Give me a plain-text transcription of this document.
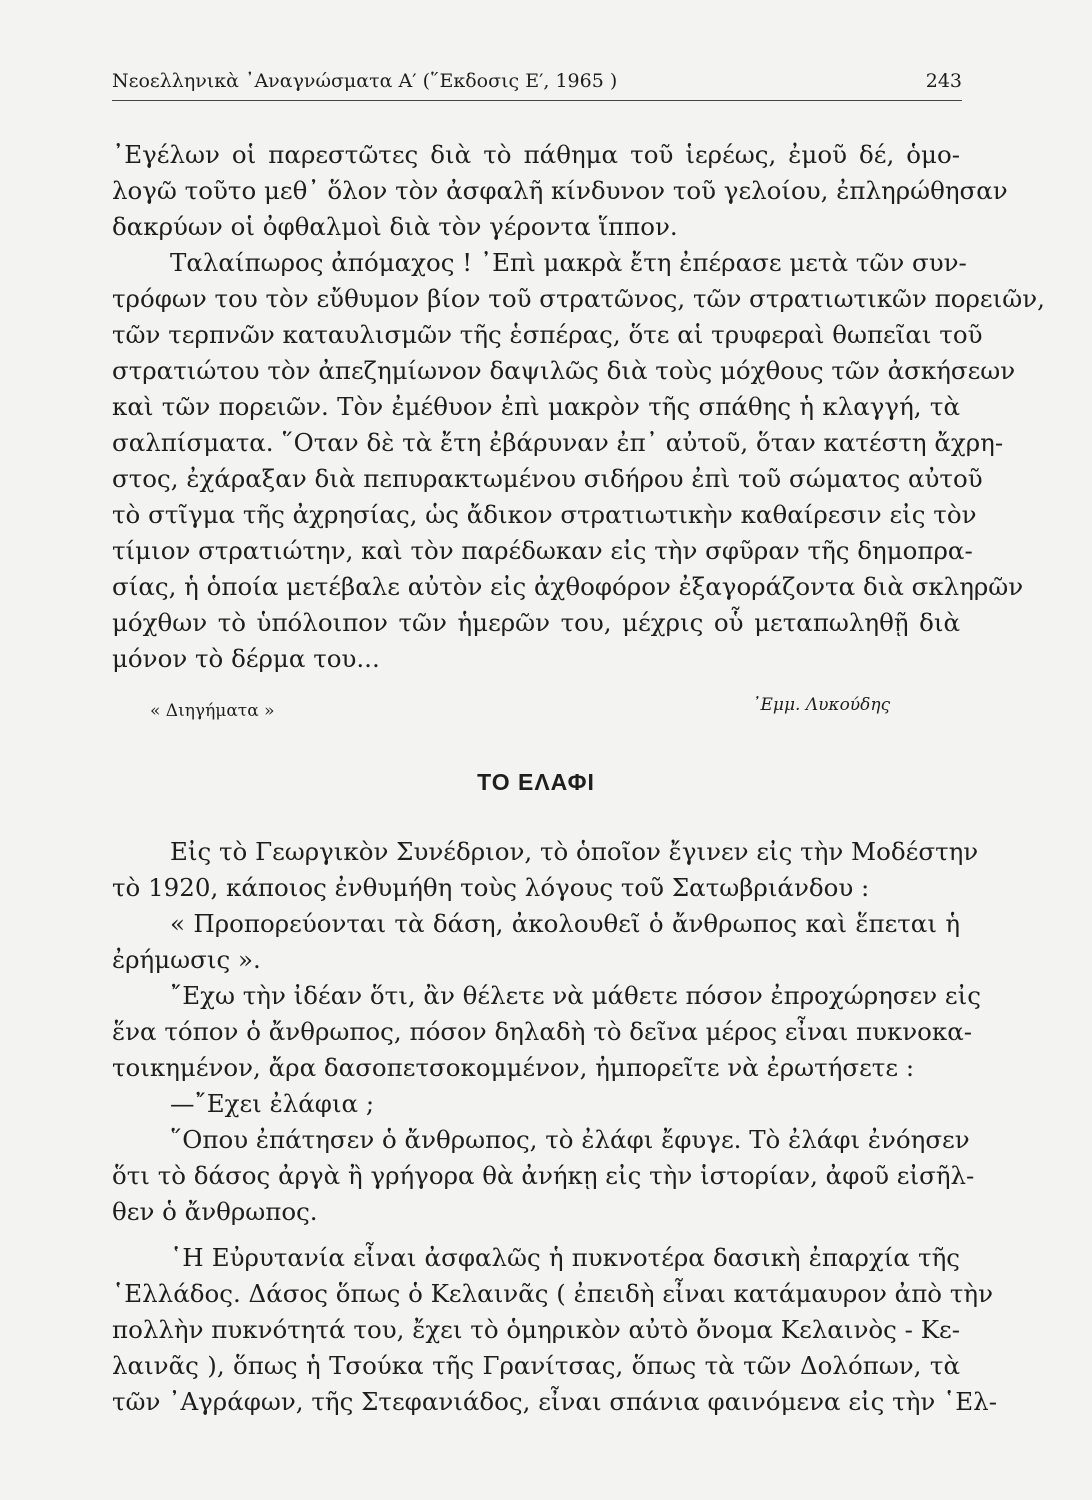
Νεοελληνικὰ ᾿Αναγνώσματα Α′ (῞Εκδοσις Ε′, 1965 )	243
᾿Εγέλων οἱ παρεστῶτες διὰ τὸ πάθημα τοῦ ἱερέως, ἐμοῦ δέ, ὁμο-
λογῶ τοῦτο μεθ᾿ ὅλον τὸν ἀσφαλῆ κίνδυνον τοῦ γελοίου, ἐπληρώθησαν
δακρύων οἱ ὀφθαλμοὶ διὰ τὸν γέροντα ἵππον.
Ταλαίπωρος ἀπόμαχος ! ᾿Επὶ μακρὰ ἔτη ἐπέρασε μετὰ τῶν συν-
τρόφων του τὸν εὔθυμον βίον τοῦ στρατῶνος, τῶν στρατιωτικῶν πορειῶν,
τῶν τερπνῶν καταυλισμῶν τῆς ἑσπέρας, ὅτε αἱ τρυφεραὶ θωπεῖαι τοῦ
στρατιώτου τὸν ἀπεζημίωνον δαψιλῶς διὰ τοὺς μόχθους τῶν ἀσκήσεων
καὶ τῶν πορειῶν. Τὸν ἐμέθυον ἐπὶ μακρὸν τῆς σπάθης ἡ κλαγγή, τὰ
σαλπίσματα. ῞Οταν δὲ τὰ ἔτη ἐβάρυναν ἐπ᾿ αὐτοῦ, ὅταν κατέστη ἄχρη-
στος, ἐχάραξαν διὰ πεπυρακτωμένου σιδήρου ἐπὶ τοῦ σώματος αὐτοῦ
τὸ στῖγμα τῆς ἀχρησίας, ὡς ἄδικον στρατιωτικὴν καθαίρεσιν εἰς τὸν
τίμιον στρατιώτην, καὶ τὸν παρέδωκαν εἰς τὴν σφῦραν τῆς δημοπρα-
σίας, ἡ ὁποία μετέβαλε αὐτὸν εἰς ἀχθοφόρον ἐξαγοράζοντα διὰ σκληρῶν
μόχθων τὸ ὑπόλοιπον τῶν ἡμερῶν του, μέχρις οὗ μεταπωληθῇ διὰ
μόνον τὸ δέρμα του...
« Διηγήματα »	᾿Εμμ. Λυκούδης
ΤΟ ΕΛΑΦΙ
Εἰς τὸ Γεωργικὸν Συνέδριον, τὸ ὁποῖον ἔγινεν εἰς τὴν Μοδέστην
τὸ 1920, κάποιος ἐνθυμήθη τοὺς λόγους τοῦ Σατωβριάνδου :
« Προπορεύονται τὰ δάση, ἀκολουθεῖ ὁ ἄνθρωπος καὶ ἕπεται ἡ
ἐρήμωσις ».
῎Εχω τὴν ἰδέαν ὅτι, ἂν θέλετε νὰ μάθετε πόσον ἐπροχώρησεν εἰς
ἕνα τόπον ὁ ἄνθρωπος, πόσον δηλαδὴ τὸ δεῖνα μέρος εἶναι πυκνοκα-
τοικημένον, ἄρα δασοπετσοκομμένον, ἠμπορεῖτε νὰ ἐρωτήσετε :
—῎Εχει ἐλάφια ;
῞Οπου ἐπάτησεν ὁ ἄνθρωπος, τὸ ἐλάφι ἔφυγε. Τὸ ἐλάφι ἐνόησεν
ὅτι τὸ δάσος ἀργὰ ἢ γρήγορα θὰ ἀνήκῃ εἰς τὴν ἱστορίαν, ἀφοῦ εἰσῆλ-
θεν ὁ ἄνθρωπος.
῾Η Εὐρυτανία εἶναι ἀσφαλῶς ἡ πυκνοτέρα δασικὴ ἐπαρχία τῆς
῾Ελλάδος. Δάσος ὅπως ὁ Κελαινᾶς ( ἐπειδὴ εἶναι κατάμαυρον ἀπὸ τὴν
πολλὴν πυκνότητά του, ἔχει τὸ ὁμηρικὸν αὐτὸ ὄνομα Κελαινὸς - Κε-
λαινᾶς ), ὅπως ἡ Τσούκα τῆς Γρανίτσας, ὅπως τὰ τῶν Δολόπων, τὰ
τῶν ᾿Αγράφων, τῆς Στεφανιάδος, εἶναι σπάνια φαινόμενα εἰς τὴν ῾Ελ-
